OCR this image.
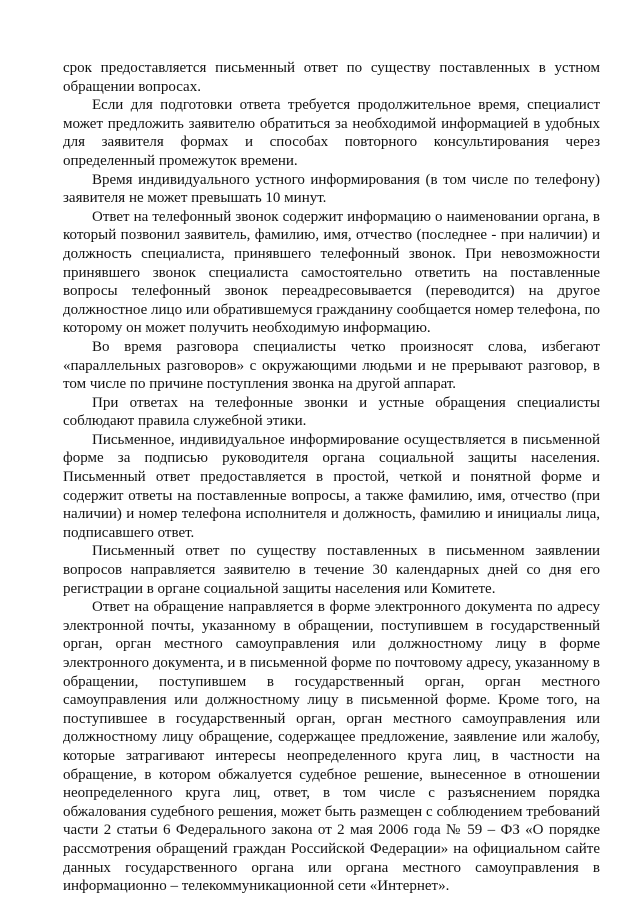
срок предоставляется письменный ответ по существу поставленных в устном обращении вопросах.

Если для подготовки ответа требуется продолжительное время, специалист может предложить заявителю обратиться за необходимой информацией в удобных для заявителя формах и способах повторного консультирования через определенный промежуток времени.

Время индивидуального устного информирования (в том числе по телефону) заявителя не может превышать 10 минут.

Ответ на телефонный звонок содержит информацию о наименовании органа, в который позвонил заявитель, фамилию, имя, отчество (последнее - при наличии) и должность специалиста, принявшего телефонный звонок. При невозможности принявшего звонок специалиста самостоятельно ответить на поставленные вопросы телефонный звонок переадресовывается (переводится) на другое должностное лицо или обратившемуся гражданину сообщается номер телефона, по которому он может получить необходимую информацию.

Во время разговора специалисты четко произносят слова, избегают «параллельных разговоров» с окружающими людьми и не прерывают разговор, в том числе по причине поступления звонка на другой аппарат.

При ответах на телефонные звонки и устные обращения специалисты соблюдают правила служебной этики.

Письменное, индивидуальное информирование осуществляется в письменной форме за подписью руководителя органа социальной защиты населения. Письменный ответ предоставляется в простой, четкой и понятной форме и содержит ответы на поставленные вопросы, а также фамилию, имя, отчество (при наличии) и номер телефона исполнителя и должность, фамилию и инициалы лица, подписавшего ответ.

Письменный ответ по существу поставленных в письменном заявлении вопросов направляется заявителю в течение 30 календарных дней со дня его регистрации в органе социальной защиты населения или Комитете.

Ответ на обращение направляется в форме электронного документа по адресу электронной почты, указанному в обращении, поступившем в государственный орган, орган местного самоуправления или должностному лицу в форме электронного документа, и в письменной форме по почтовому адресу, указанному в обращении, поступившем в государственный орган, орган местного самоуправления или должностному лицу в письменной форме. Кроме того, на поступившее в государственный орган, орган местного самоуправления или должностному лицу обращение, содержащее предложение, заявление или жалобу, которые затрагивают интересы неопределенного круга лиц, в частности на обращение, в котором обжалуется судебное решение, вынесенное в отношении неопределенного круга лиц, ответ, в том числе с разъяснением порядка обжалования судебного решения, может быть размещен с соблюдением требований части 2 статьи 6 Федерального закона от 2 мая 2006 года № 59 – ФЗ «О порядке рассмотрения обращений граждан Российской Федерации» на официальном сайте данных государственного органа или органа местного самоуправления в информационно – телекоммуникационной сети «Интернет».
